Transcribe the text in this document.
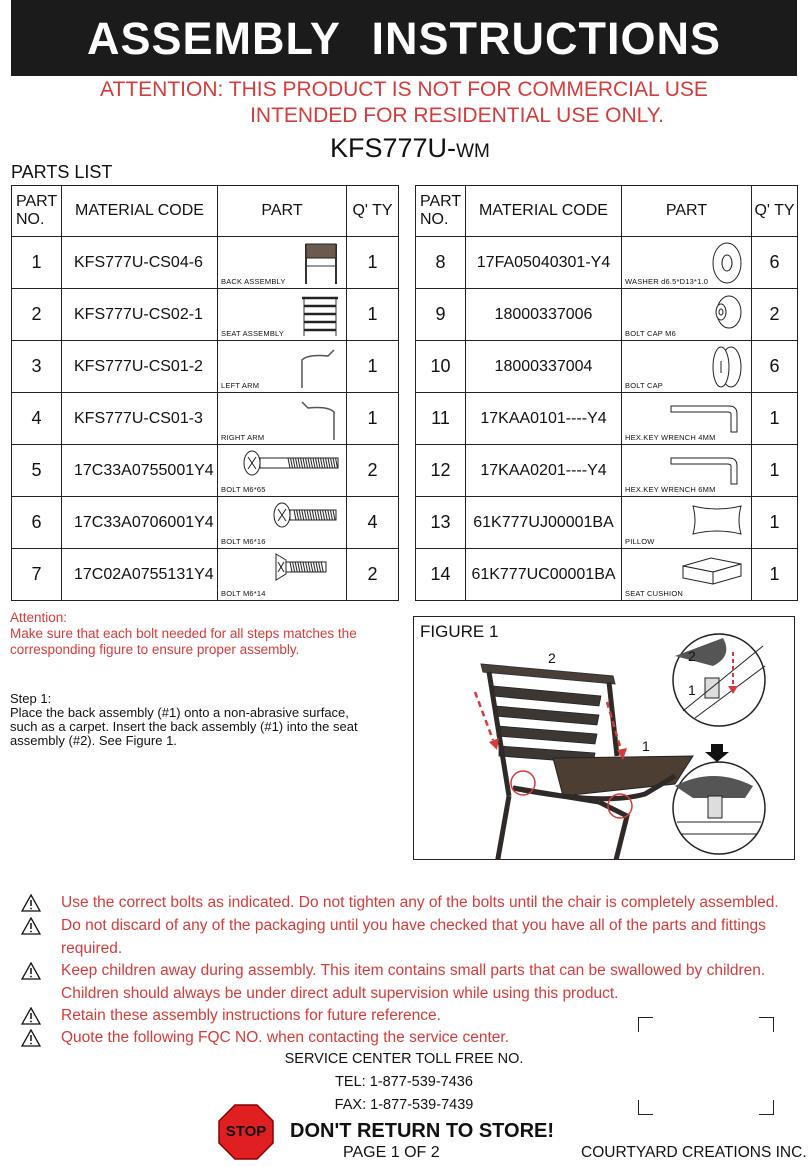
ASSEMBLY INSTRUCTIONS
ATTENTION: THIS PRODUCT IS NOT FOR COMMERCIAL USE
INTENDED FOR RESIDENTIAL USE ONLY.
KFS777U-WM
PARTS LIST
PART
NO.	MATERIAL CODE	PART	Q' TY
1	KFS777U-CS04-6	BACK ASSEMBLY	1
2	KFS777U-CS02-1	SEAT ASSEMBLY	1
3	KFS777U-CS01-2	LEFT ARM	1
4	KFS777U-CS01-3	RIGHT ARM	1
5	17C33A0755001Y4	BOLT M6*65	2
6	17C33A0706001Y4	BOLT M6*16	4
7	17C02A0755131Y4	BOLT M6*14	2
PART
NO.	MATERIAL CODE	PART	Q' TY
8	17FA05040301-Y4	WASHER d6.5*D13*1.0	6
9	18000337006	BOLT CAP M6	2
10	18000337004	BOLT CAP	6
11	17KAA0101----Y4	HEX.KEY WRENCH 4MM	1
12	17KAA0201----Y4	HEX.KEY WRENCH 6MM	1
13	61K777UJ00001BA	PILLOW	1
14	61K777UC00001BA	SEAT CUSHION	1
Attention:
Make sure that each bolt needed for all steps matches the
corresponding figure to ensure proper assembly.
Step 1:
Place the back assembly (#1) onto a non-abrasive surface,
such as a carpet. Insert the back assembly (#1) into the seat
assembly (#2). See Figure 1.
FIGURE 1
2
1
2
1
Use the correct bolts as indicated. Do not tighten any of the bolts until the chair is completely assembled.
Do not discard of any of the packaging until you have checked that you have all of the parts and fittings
required.
Keep children away during assembly. This item contains small parts that can be swallowed by children.
Children should always be under direct adult supervision while using this product.
Retain these assembly instructions for future reference.
Quote the following FQC NO. when contacting the service center.
SERVICE CENTER TOLL FREE NO.
TEL: 1-877-539-7436
FAX: 1-877-539-7439
STOP	DON'T RETURN TO STORE!
PAGE 1 OF 2	COURTYARD CREATIONS INC.
